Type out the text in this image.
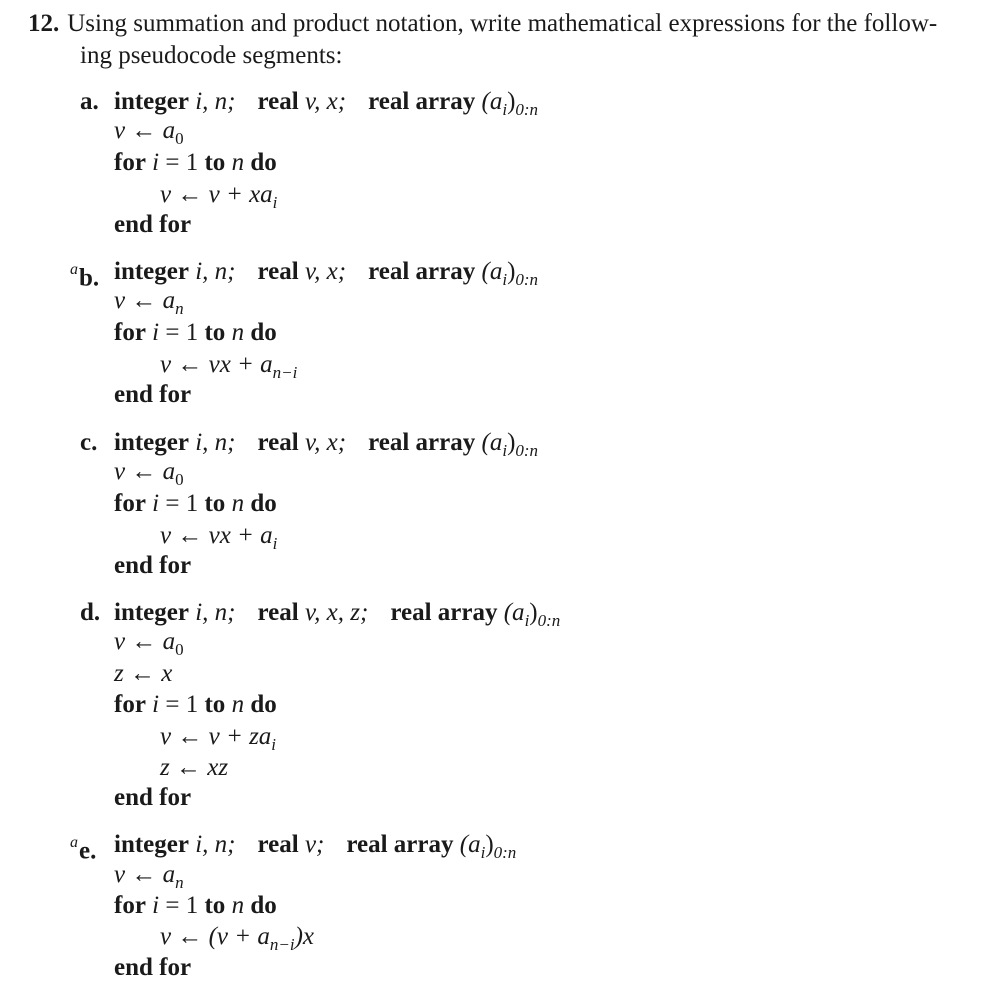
12. Using summation and product notation, write mathematical expressions for the follow-
ing pseudocode segments:
a. integer i, n; real v, x; real array $(a_i)_{0:n}$
v ← $a_0$
for i = 1 to n do
v ← $v + xa_i$
end for
$^a$b. integer i, n; real v, x; real array $(a_i)_{0:n}$
v ← $a_n$
for i = 1 to n do
v ← vx + $a_{n-i}$
end for
c. integer i, n; real v, x; real array $(a_i)_{0:n}$
v ← $a_0$
for i = 1 to n do
v ← vx + $a_i$
end for
d. integer i, n; real v, x, z; real array $(a_i)_{0:n}$
v ← $a_0$
z ← x
for i = 1 to n do
v ← $v + za_i$
z ← xz
end for
$^a$e. integer i, n; real v; real array $(a_i)_{0:n}$
v ← $a_n$
for i = 1 to n do
v ← $(v + a_{n-i})x$
end for
